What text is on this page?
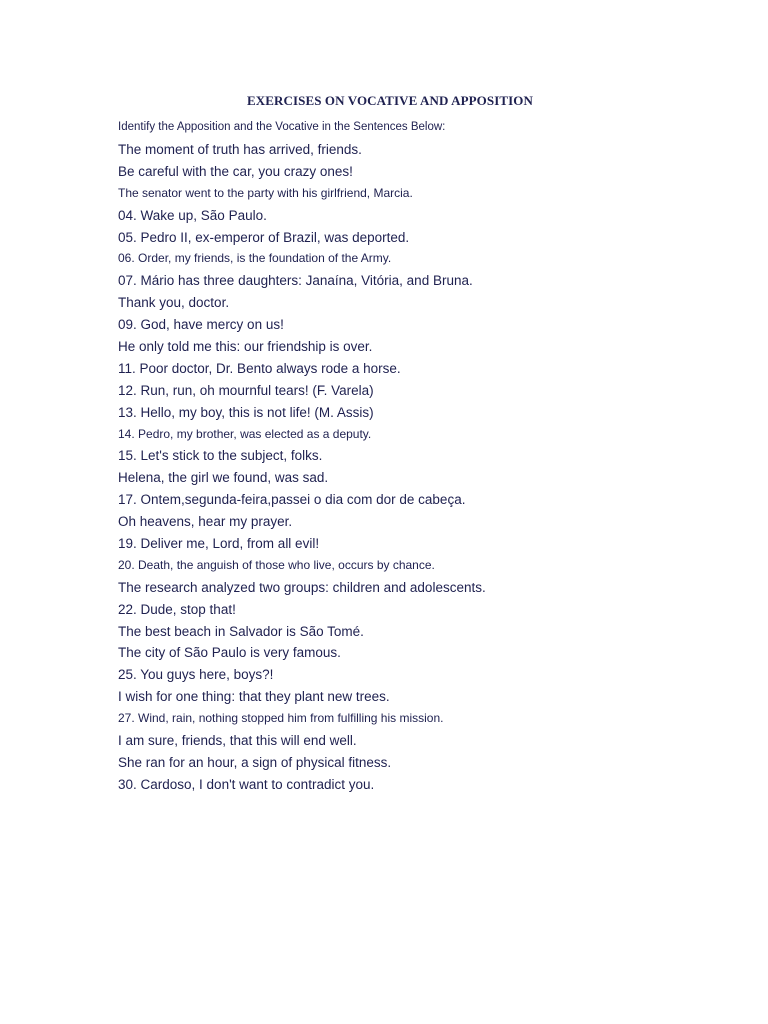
EXERCISES ON VOCATIVE AND APPOSITION
Identify the Apposition and the Vocative in the Sentences Below:
The moment of truth has arrived, friends.
Be careful with the car, you crazy ones!
The senator went to the party with his girlfriend, Marcia.
04. Wake up, São Paulo.
05. Pedro II, ex-emperor of Brazil, was deported.
06. Order, my friends, is the foundation of the Army.
07. Mário has three daughters: Janaína, Vitória, and Bruna.
Thank you, doctor.
09. God, have mercy on us!
He only told me this: our friendship is over.
11. Poor doctor, Dr. Bento always rode a horse.
12. Run, run, oh mournful tears! (F. Varela)
13. Hello, my boy, this is not life! (M. Assis)
14. Pedro, my brother, was elected as a deputy.
15. Let's stick to the subject, folks.
Helena, the girl we found, was sad.
17. Ontem,segunda-feira,passei o dia com dor de cabeça.
Oh heavens, hear my prayer.
19. Deliver me, Lord, from all evil!
20. Death, the anguish of those who live, occurs by chance.
The research analyzed two groups: children and adolescents.
22. Dude, stop that!
The best beach in Salvador is São Tomé.
The city of São Paulo is very famous.
25. You guys here, boys?!
I wish for one thing: that they plant new trees.
27. Wind, rain, nothing stopped him from fulfilling his mission.
I am sure, friends, that this will end well.
She ran for an hour, a sign of physical fitness.
30. Cardoso, I don't want to contradict you.
